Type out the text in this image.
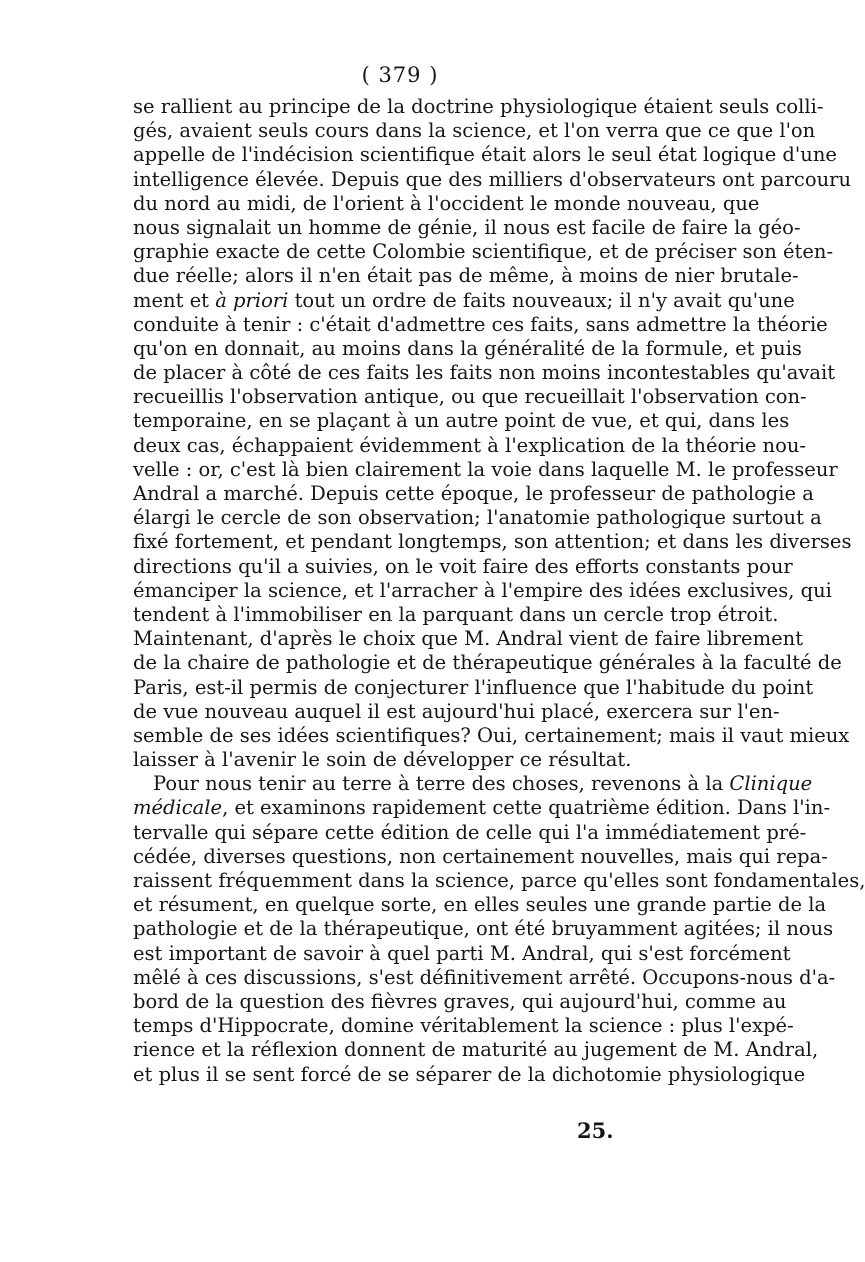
( 379 )
se rallient au principe de la doctrine physiologique étaient seuls colli-
gés, avaient seuls cours dans la science, et l'on verra que ce que l'on
appelle de l'indécision scientifique était alors le seul état logique d'une
intelligence élevée. Depuis que des milliers d'observateurs ont parcouru
du nord au midi, de l'orient à l'occident le monde nouveau, que
nous signalait un homme de génie, il nous est facile de faire la géo-
graphie exacte de cette Colombie scientifique, et de préciser son éten-
due réelle; alors il n'en était pas de même, à moins de nier brutale-
ment et à priori tout un ordre de faits nouveaux; il n'y avait qu'une
conduite à tenir : c'était d'admettre ces faits, sans admettre la théorie
qu'on en donnait, au moins dans la généralité de la formule, et puis
de placer à côté de ces faits les faits non moins incontestables qu'avait
recueillis l'observation antique, ou que recueillait l'observation con-
temporaine, en se plaçant à un autre point de vue, et qui, dans les
deux cas, échappaient évidemment à l'explication de la théorie nou-
velle : or, c'est là bien clairement la voie dans laquelle M. le professeur
Andral a marché. Depuis cette époque, le professeur de pathologie a
élargi le cercle de son observation; l'anatomie pathologique surtout a
fixé fortement, et pendant longtemps, son attention; et dans les diverses
directions qu'il a suivies, on le voit faire des efforts constants pour
émanciper la science, et l'arracher à l'empire des idées exclusives, qui
tendent à l'immobiliser en la parquant dans un cercle trop étroit.
Maintenant, d'après le choix que M. Andral vient de faire librement
de la chaire de pathologie et de thérapeutique générales à la faculté de
Paris, est-il permis de conjecturer l'influence que l'habitude du point
de vue nouveau auquel il est aujourd'hui placé, exercera sur l'en-
semble de ses idées scientifiques? Oui, certainement; mais il vaut mieux
laisser à l'avenir le soin de développer ce résultat.
Pour nous tenir au terre à terre des choses, revenons à la Clinique
médicale, et examinons rapidement cette quatrième édition. Dans l'in-
tervalle qui sépare cette édition de celle qui l'a immédiatement pré-
cédée, diverses questions, non certainement nouvelles, mais qui repa-
raissent fréquemment dans la science, parce qu'elles sont fondamentales,
et résument, en quelque sorte, en elles seules une grande partie de la
pathologie et de la thérapeutique, ont été bruyamment agitées; il nous
est important de savoir à quel parti M. Andral, qui s'est forcément
mêlé à ces discussions, s'est définitivement arrêté. Occupons-nous d'a-
bord de la question des fièvres graves, qui aujourd'hui, comme au
temps d'Hippocrate, domine véritablement la science : plus l'expé-
rience et la réflexion donnent de maturité au jugement de M. Andral,
et plus il se sent forcé de se séparer de la dichotomie physiologique
25.
